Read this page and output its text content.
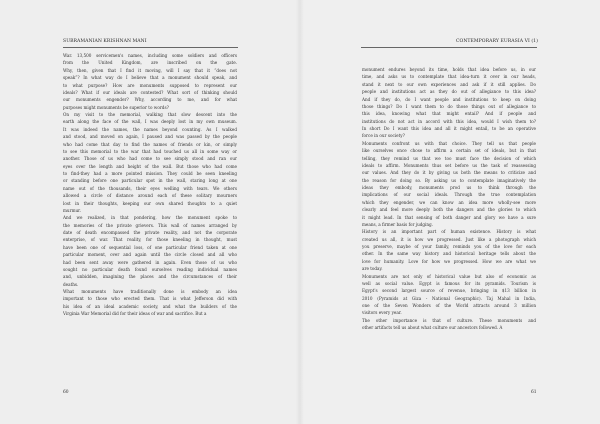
SUBRAMANIAN KRISHNAN MANI
War. 13,500 servicemen's names, including some soldiers and officers
from the United Kingdom, are inscribed on the gate.
Why, then, given that I find it moving, will I say that it “does not
speak”? In what way do I believe that a monument should speak, and
to what purpose? How are monuments supposed to represent our
ideals? What if our ideals are contested? What sort of thinking should
our monuments engender? Why, according to me, and for what
purposes might monuments be superior to words?
On my visit to the memorial, walking that slow descent into the
earth along the face of the wall, I was deeply lost in my own museum.
It was indeed the names, the names beyond counting. As I walked
and stood, and moved on again, I paused and was passed by the people
who had come that day to find the names of friends or kin, or simply
to see this memorial to the war that had touched us all in some way or
another. Those of us who had come to see simply stood and ran our
eyes over the length and height of the wall. But those who had come
to find-they had a more pointed mission. They could be seen kneeling
or standing before one particular spot in the wall, staring long at one
name out of the thousands, their eyes welling with tears. We others
allowed a circle of distance around each of these solitary mourners
lost in their thoughts, keeping our own shared thoughts to a quiet
murmur.
And we realized, in that pondering, how the monument spoke to
the memories of the private grievers. This wall of names arranged by
date of death encompassed the private reality, and not the corporate
enterprise, of war. That reality, for those kneeling in thought, must
have been one of sequential loss, of one particular friend taken at one
particular moment, over and again until the circle closed and all who
had been sent away were gathered in again. Even those of us who
sought no particular death found ourselves reading individual names
and, unbidden, imagining the places and the circumstances of their
deaths.
What monuments have traditionally done is embody an idea
important to those who erected them. That is what Jefferson did with
his idea of an ideal academic society, and what the builders of the
Virginia War Memorial did for their ideas of war and sacrifice. But a
60
CONTEMPORARY EURASIA VI (1)
monument endures beyond its time, holds that idea before us, in our
time, and asks us to contemplate that idea-turn it over in our heads,
stand it next to our own experiences and ask if it still applies. Do
people and institutions act as they do out of allegiance to this idea?
And if they do, do I want people and institutions to keep on doing
those things? Do I want them to do those things out of allegiance to
this idea, knowing what that might entail? And if people and
institutions do not act in accord with this idea, would I wish them to?
In short Do I want this idea and all it might entail, to be an operative
force in our society?
Monuments confront us with that choice. They tell us that people
like ourselves once chose to affirm a certain set of ideals, but in that
telling, they remind us that we too must face the decision of which
ideals to affirm. Monuments thus set before us the task of reassessing
our values. And they do it by giving us both the means to criticize and
the reason for doing so. By asking us to contemplate imaginatively the
ideas they embody, monuments prod us to think through the
implications of our social ideals. Through the true contemplation
which they engender, we can know an idea more wholly-see more
clearly and feel more deeply both the dangers and the glories to which
it might lead. In that sensing of both danger and glory we have a sure
means, a firmer basis for judging.
History is an important part of human existence. History is what
created us all, it is how we progressed. Just like a photograph which
you preserve, maybe of your family, reminds you of the love for each
other. In the same way history and historical heritage tells about the
love for humanity. Love for how we progressed. How we are what we
are today.
Monuments are not only of historical value but also of economic as
well as social value. Egypt is famous for its pyramids. Tourism is
Egypt's second largest source of revenue, bringing in $13 billion in
2010 (Pyramids at Giza - National Geographic). Taj Mahal in India,
one of the Seven Wonders of the World attracts around 3 million
visitors every year.
The other importance is that of culture. These monuments and
other artifacts tell us about what culture our ancestors followed. A
61
